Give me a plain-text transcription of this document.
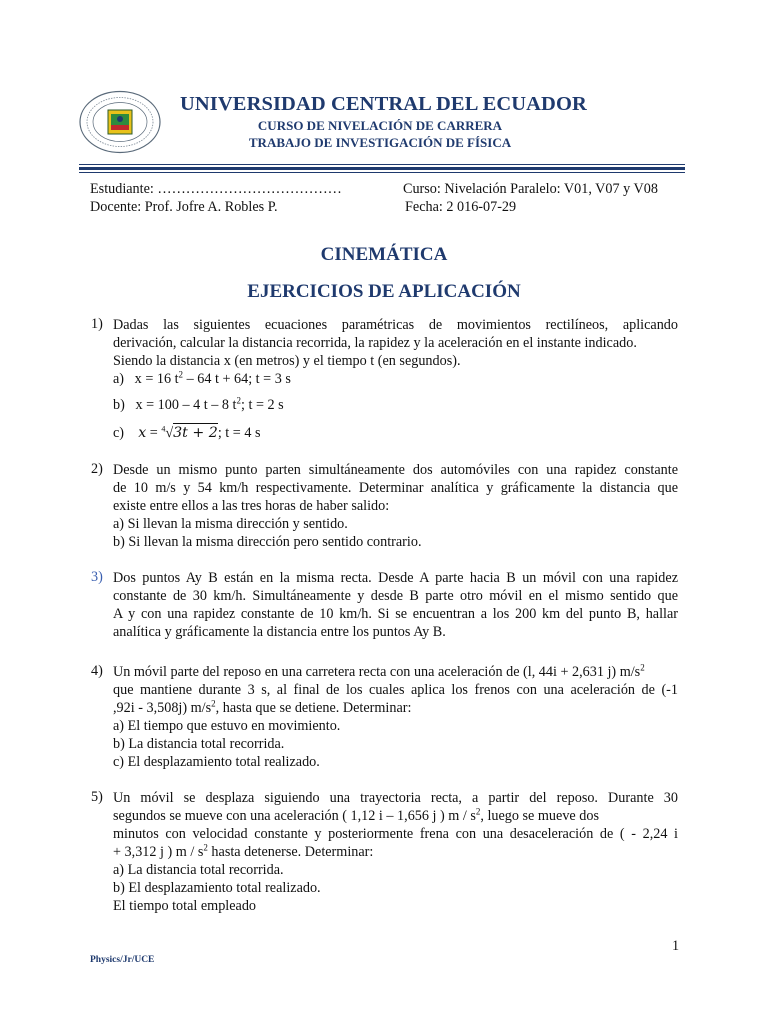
UNIVERSIDAD CENTRAL DEL ECUADOR
CURSO DE NIVELACIÓN DE CARRERA
TRABAJO DE INVESTIGACIÓN DE FÍSICA
Estudiante: …………………………………	Curso: Nivelación Paralelo: V01, V07 y V08
Docente: Prof. Jofre A. Robles P.	Fecha: 2 016-07-29
CINEMÁTICA
EJERCICIOS DE APLICACIÓN
1) Dadas las siguientes ecuaciones paramétricas de movimientos rectilíneos, aplicando
derivación, calcular la distancia recorrida, la rapidez y la aceleración en el instante indicado.
Siendo la distancia x (en metros) y el tiempo t (en segundos).
a) x = 16 $t^2 - 64$ t + 64; t = 3 s
b) x = 100 – 4 t – 8 $t^2$; t = 2 s
c) x = $^4$√3t + 2; t = 4 s
2) Desde un mismo punto parten simultáneamente dos automóviles con una rapidez constante
de 10 m/s y 54 km/h respectivamente. Determinar analítica y gráficamente la distancia que
existe entre ellos a las tres horas de haber salido:
a) Si llevan la misma dirección y sentido.
b) Si llevan la misma dirección pero sentido contrario.
3) Dos puntos Ay B están en la misma recta. Desde A parte hacia B un móvil con una rapidez
constante de 30 km/h. Simultáneamente y desde B parte otro móvil en el mismo sentido que
A y con una rapidez constante de 10 km/h. Si se encuentran a los 200 km del punto B, hallar
analítica y gráficamente la distancia entre los puntos Ay B.
4) Un móvil parte del reposo en una carretera recta con una aceleración de (l, 44i + 2,631 j) $m/s^2$
que mantiene durante 3 s, al final de los cuales aplica los frenos con una aceleración de (-1
,92i - 3,508j) $m/s^2$, hasta que se detiene. Determinar:
a) El tiempo que estuvo en movimiento.
b) La distancia total recorrida.
c) El desplazamiento total realizado.
5) Un móvil se desplaza siguiendo una trayectoria recta, a partir del reposo. Durante 30
segundos se mueve con una aceleración ( 1,12 i – 1,656 j ) m / $s^2$, luego se mueve dos
minutos con velocidad constante y posteriormente frena con una desaceleración de ( - 2,24 i
+ 3,312 j ) m / $s^2$ hasta detenerse. Determinar:
a) La distancia total recorrida.
b) El desplazamiento total realizado.
El tiempo total empleado
1
Physics/Jr/UCE
